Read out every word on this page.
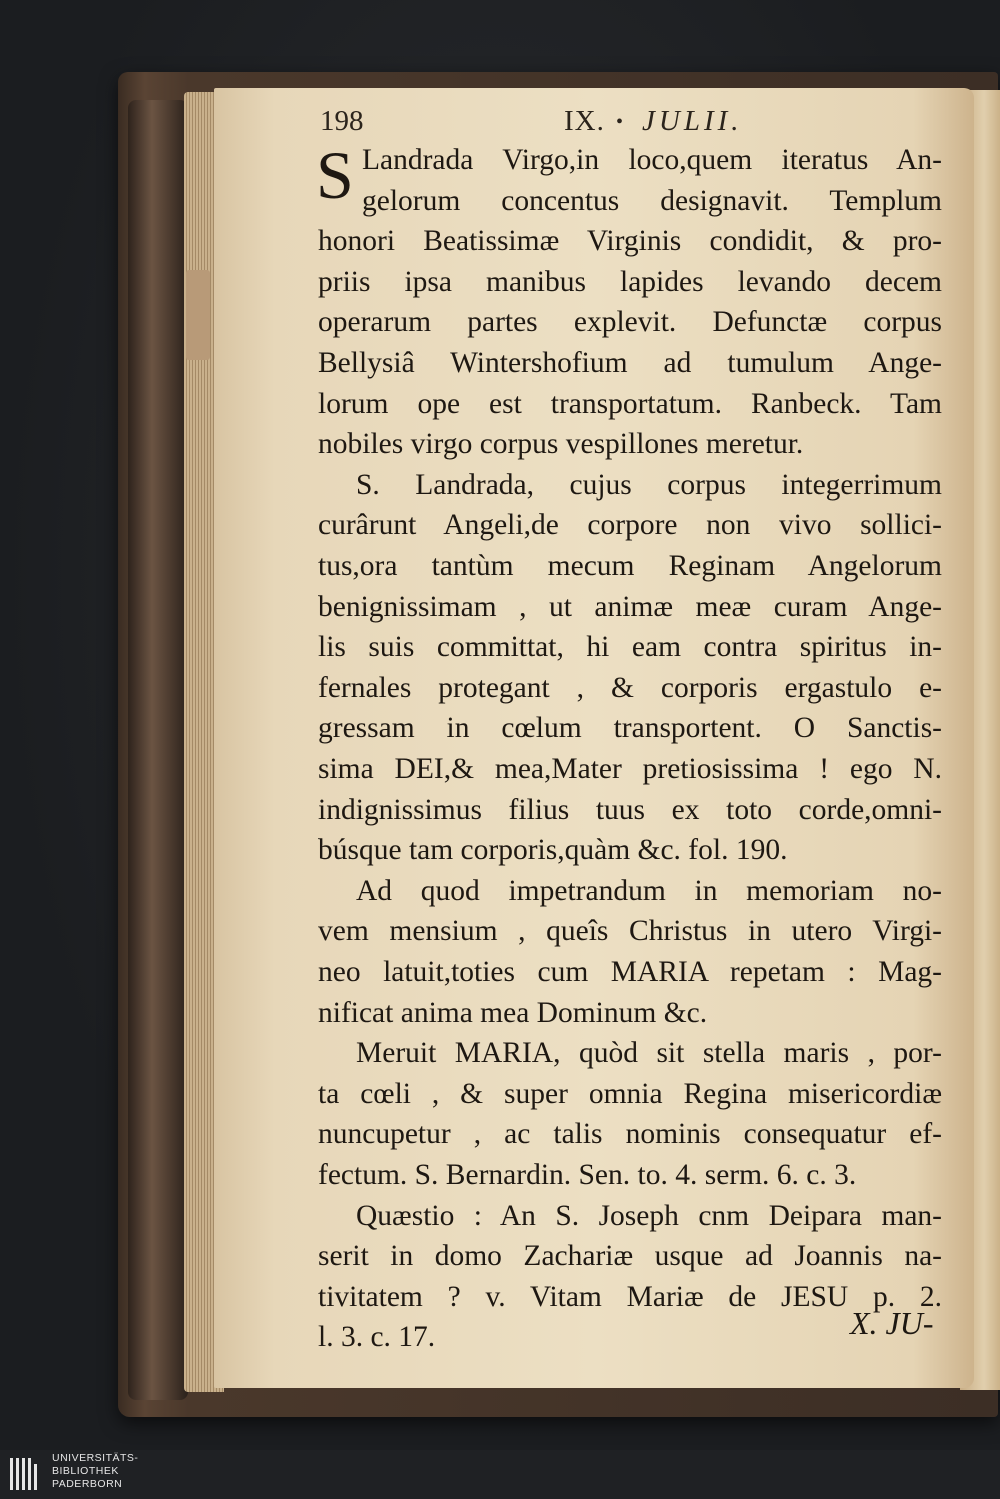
198	IX. • JULII.
S Landrada Virgo,in loco,quem iteratus An-
gelorum concentus designavit. Templum
honori Beatissimæ Virginis condidit, & pro-
priis ipsa manibus lapides levando decem
operarum partes explevit. Defunctæ corpus
Bellysiâ Wintershofium ad tumulum Ange-
lorum ope est transportatum. Ranbeck. Tam
nobiles virgo corpus vespillones meretur.
S. Landrada, cujus corpus integerrimum
curârunt Angeli,de corpore non vivo sollici-
tus,ora tantùm mecum Reginam Angelorum
benignissimam , ut animæ meæ curam Ange-
lis suis committat, hi eam contra spiritus in-
fernales protegant , & corporis ergastulo e-
gressam in cœlum transportent. O Sanctis-
sima DEI,& mea,Mater pretiosissima ! ego N.
indignissimus filius tuus ex toto corde,omni-
búsque tam corporis,quàm &c. fol. 190.
Ad quod impetrandum in memoriam no-
vem mensium , queîs Christus in utero Virgi-
neo latuit,toties cum MARIA repetam : Mag-
nificat anima mea Dominum &c.
Meruit MARIA, quòd sit stella maris , por-
ta cœli , & super omnia Regina misericordiæ
nuncupetur , ac talis nominis consequatur ef-
fectum. S. Bernardin. Sen. to. 4. serm. 6. c. 3.
Quæstio : An S. Joseph cnm Deipara man-
serit in domo Zachariæ usque ad Joannis na-
tivitatem ? v. Vitam Mariæ de JESU p. 2.
l. 3. c. 17.	X. JU-
UNIVERSITÄTS-
BIBLIOTHEK
PADERBORN
